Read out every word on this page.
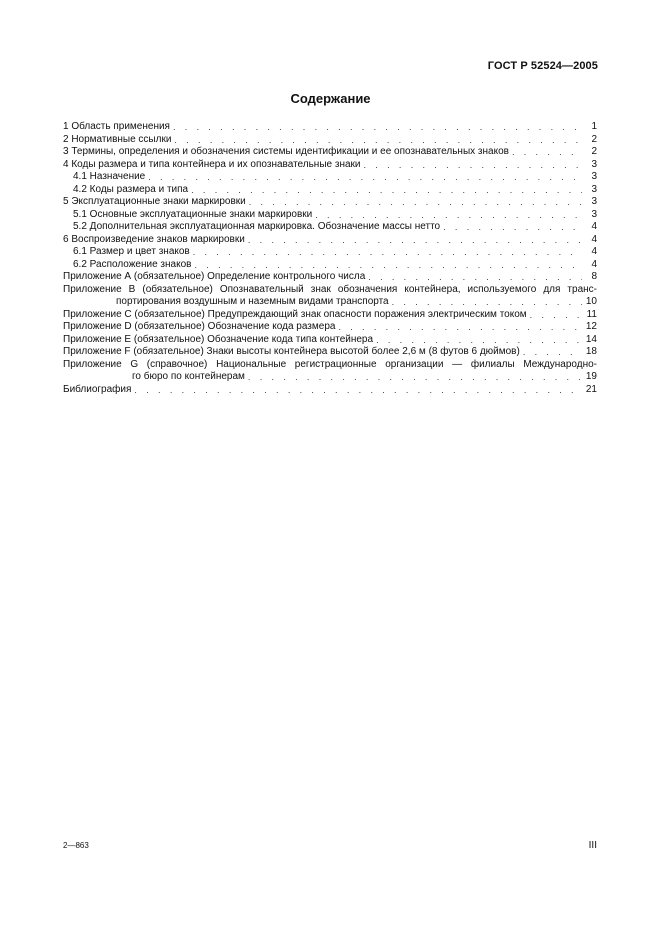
ГОСТ Р 52524—2005
Содержание
1 Область применения . . .	1
2 Нормативные ссылки . . .	2
3 Термины, определения и обозначения системы идентификации и ее опознавательных знаков . . .	2
4 Коды размера и типа контейнера и их опознавательные знаки . . .	3
4.1 Назначение . . .	3
4.2 Коды размера и типа . . .	3
5 Эксплуатационные знаки маркировки . . .	3
5.1 Основные эксплуатационные знаки маркировки . . .	3
5.2 Дополнительная эксплуатационная маркировка. Обозначение массы нетто . . .	4
6 Воспроизведение знаков маркировки . . .	4
6.1 Размер и цвет знаков . . .	4
6.2 Расположение знаков . . .	4
Приложение А (обязательное) Определение контрольного числа . . .	8
Приложение В (обязательное) Опознавательный знак обозначения контейнера, используемого для транс-
портирования воздушным и наземным видами транспорта . . .	10
Приложение С (обязательное) Предупреждающий знак опасности поражения электрическим током . . .	11
Приложение D (обязательное) Обозначение кода размера . . .	12
Приложение E (обязательное) Обозначение кода типа контейнера . . .	14
Приложение F (обязательное) Знаки высоты контейнера высотой более 2,6 м (8 футов 6 дюймов) . . .	18
Приложение G (справочное) Национальные регистрационные организации — филиалы Международно-
го бюро по контейнерам . . .	19
Библиография . . .	21
2—863	III
